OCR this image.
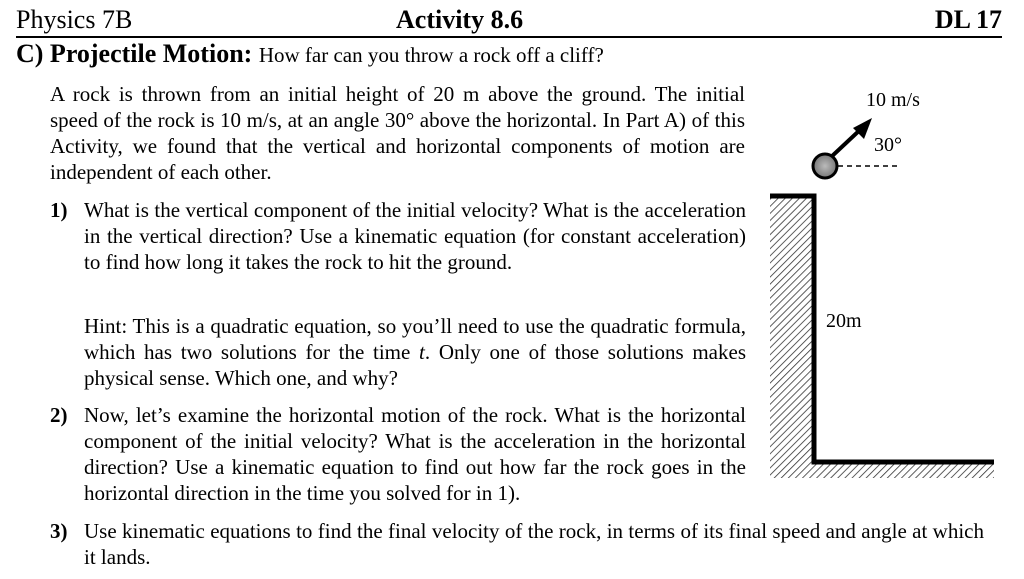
Physics 7B	Activity 8.6	DL 17
C) Projectile Motion: How far can you throw a rock off a cliff?
A rock is thrown from an initial height of 20 m above the ground. The initial speed of the rock is 10 m/s, at an angle 30° above the horizontal. In Part A) of this Activity, we found that the vertical and horizontal components of motion are independent of each other.
1) What is the vertical component of the initial velocity? What is the acceleration in the vertical direction? Use a kinematic equation (for constant acceleration) to find how long it takes the rock to hit the ground.
Hint: This is a quadratic equation, so you’ll need to use the quadratic formula, which has two solutions for the time t. Only one of those solutions makes physical sense. Which one, and why?
2) Now, let’s examine the horizontal motion of the rock. What is the horizontal component of the initial velocity? What is the acceleration in the horizontal direction? Use a kinematic equation to find out how far the rock goes in the horizontal direction in the time you solved for in 1).
3) Use kinematic equations to find the final velocity of the rock, in terms of its final speed and angle at which it lands.
10 m/s
30°
20m
